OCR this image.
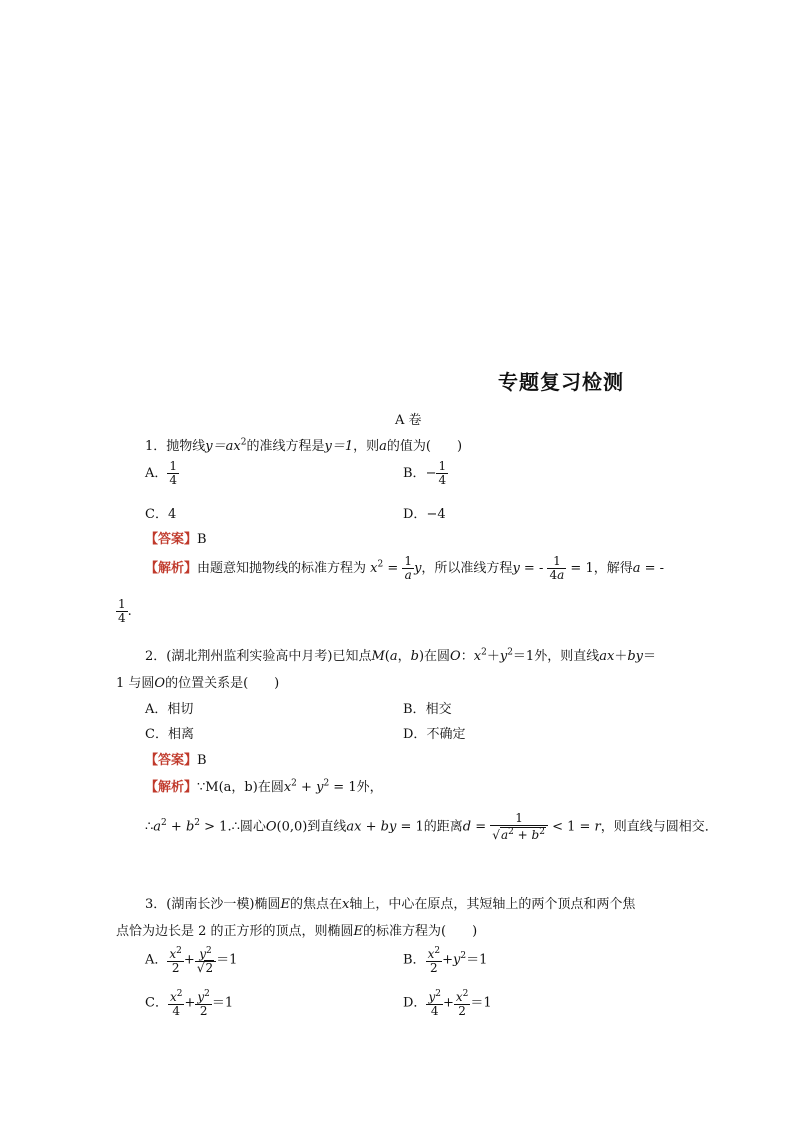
专题复习检测
A 卷
1．抛物线$y=ax^2$的准线方程是y＝1，则a的值为(　　)
A． $\frac{1}{4}$	B．− $\frac{1}{4}$
C．4	D．−4
【答案】B
【解析】由题意知抛物线的标准方程为 $x^2 = \frac{1}{a}$ y，所以准线方程y = - $\frac{1}{4a} = 1$，解得a = -
$\frac{1}{4}$ .
2．(湖北荆州监利实验高中月考)已知点M(a，b)在圆O：$x^2+y^2=1$外，则直线ax＋by＝
1 与圆O的位置关系是(　　)
A．相切	B．相交
C．相离	D．不确定
【答案】B
【解析】∵M(a，b)在圆$x^2 + y^2 = 1$外，
$\therefore a^2 + b^2$ > 1.∴圆心O(0,0)到直线ax + by = 1的距离$d = \frac{1}{√a^2 + b^2} < 1 = r$，则直线与圆相交．
3．(湖南长沙一模)椭圆E的焦点在x轴上，中心在原点，其短轴上的两个顶点和两个焦
点恰为边长是 2 的正方形的顶点，则椭圆E的标准方程为(　　)
A． $\frac{x^2}{2} + \frac{y^2}{√2} =1$	B． $\frac{x^2}{2} +y^2=1$
C． $\frac{x^2}{4} + \frac{y^2}{2} =1$	D． $\frac{y^2}{4} + \frac{x^2}{2} =1$
